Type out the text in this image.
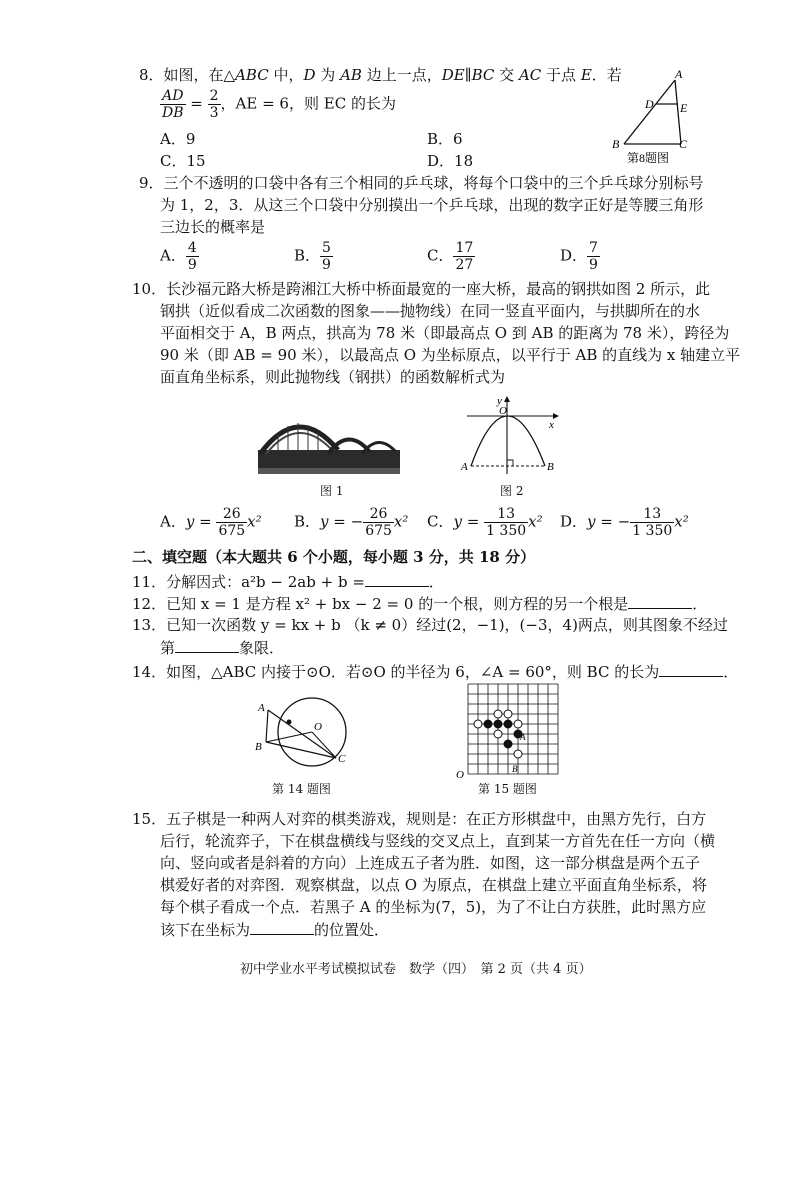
8．如图，在△ABC 中，D 为 AB 边上一点，DE∥BC 交 AC 于点 E．若
$\frac{AD}{DB} = \frac{2}{3}$ ，AE = 6，则 EC 的长为
A．9	B．6
C．15	D．18
A
D E
B	C
第8题图
9．三个不透明的口袋中各有三个相同的乒乓球，将每个口袋中的三个乒乓球分别标号
为 1，2，3．从这三个口袋中分别摸出一个乒乓球，出现的数字正好是等腰三角形
三边长的概率是
A． $\frac{4}{9}$	B． $\frac{5}{9}$	C． $\frac{17}{27}$	D． $\frac{7}{9}$
10．长沙福元路大桥是跨湘江大桥中桥面最宽的一座大桥，最高的钢拱如图 2 所示，此
钢拱（近似看成二次函数的图象——抛物线）在同一竖直平面内，与拱脚所在的水
平面相交于 A，B 两点，拱高为 78 米（即最高点 O 到 AB 的距离为 78 米），跨径为
90 米（即 AB = 90 米），以最高点 O 为坐标原点，以平行于 AB 的直线为 x 轴建立平
面直角坐标系，则此抛物线（钢拱）的函数解析式为
图 1
y
O
x
A	B
图 2
A．$y = \frac{26}{675} x^2$ B．y = − $\frac{26}{675} x^2$ C．$y = \frac{13}{1 350} x^2$ D．y = − $\frac{13}{1 350} x^2$
二、填空题（本大题共 6 个小题，每小题 3 分，共 18 分）
11．分解因式：a²b − 2ab + b =	．
12．已知 x = 1 是方程 x² + bx − 2 = 0 的一个根，则方程的另一个根是	．
13．已知一次函数 y = kx + b （k ≠ 0）经过(2，−1)，(−3，4)两点，则其图象不经过
第	象限．
14．如图，△ABC 内接于⊙O．若⊙O 的半径为 6，∠A = 60°，则 BC 的长为	．
A
B
O
C
第 14 题图
O
A
B
第 15 题图
15．五子棋是一种两人对弈的棋类游戏，规则是：在正方形棋盘中，由黑方先行，白方
后行，轮流弈子，下在棋盘横线与竖线的交叉点上，直到某一方首先在任一方向（横
向、竖向或者是斜着的方向）上连成五子者为胜．如图，这一部分棋盘是两个五子
棋爱好者的对弈图．观察棋盘，以点 O 为原点，在棋盘上建立平面直角坐标系，将
每个棋子看成一个点．若黑子 A 的坐标为(7，5)，为了不让白方获胜，此时黑方应
该下在坐标为	的位置处．
初中学业水平考试模拟试卷　数学（四）　第 2 页（共 4 页）
